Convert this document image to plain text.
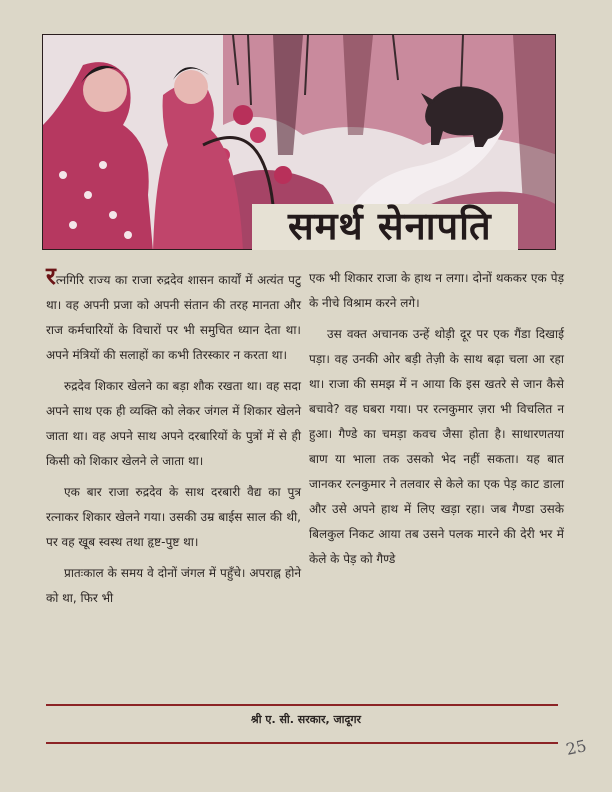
समर्थ सेनापति

रत्नगिरि राज्य का राजा रुद्रदेव शासन कार्यों में अत्यंत पटु था। वह अपनी प्रजा को अपनी संतान की तरह मानता और राज कर्मचारियों के विचारों पर भी समुचित ध्यान देता था। अपने मंत्रियों की सलाहों का कभी तिरस्कार न करता था।

रुद्रदेव शिकार खेलने का बड़ा शौक रखता था। वह सदा अपने साथ एक ही व्यक्ति को लेकर जंगल में शिकार खेलने जाता था। वह अपने साथ अपने दरबारियों के पुत्रों में से ही किसी को शिकार खेलने ले जाता था।

एक बार राजा रुद्रदेव के साथ दरबारी वैद्य का पुत्र रत्नाकर शिकार खेलने गया। उसकी उम्र बाईस साल की थी, पर वह खूब स्वस्थ तथा हृष्ट-पुष्ट था।

प्रातःकाल के समय वे दोनों जंगल में पहुँचे। अपराह्न होने को था, फिर भी

एक भी शिकार राजा के हाथ न लगा। दोनों थककर एक पेड़ के नीचे विश्राम करने लगे।

उस वक्त अचानक उन्हें थोड़ी दूर पर एक गैंडा दिखाई पड़ा। वह उनकी ओर बड़ी तेज़ी के साथ बढ़ा चला आ रहा था। राजा की समझ में न आया कि इस खतरे से जान कैसे बचावे? वह घबरा गया। पर रत्नकुमार ज़रा भी विचलित न हुआ। गैण्डे का चमड़ा कवच जैसा होता है। साधारणतया बाण या भाला तक उसको भेद नहीं सकता। यह बात जानकर रत्नकुमार ने तलवार से केले का एक पेड़ काट डाला और उसे अपने हाथ में लिए खड़ा रहा। जब गैण्डा उसके बिलकुल निकट आया तब उसने पलक मारने की देरी भर में केले के पेड़ को गैण्डे

श्री ए. सी. सरकार, जादूगर
25
